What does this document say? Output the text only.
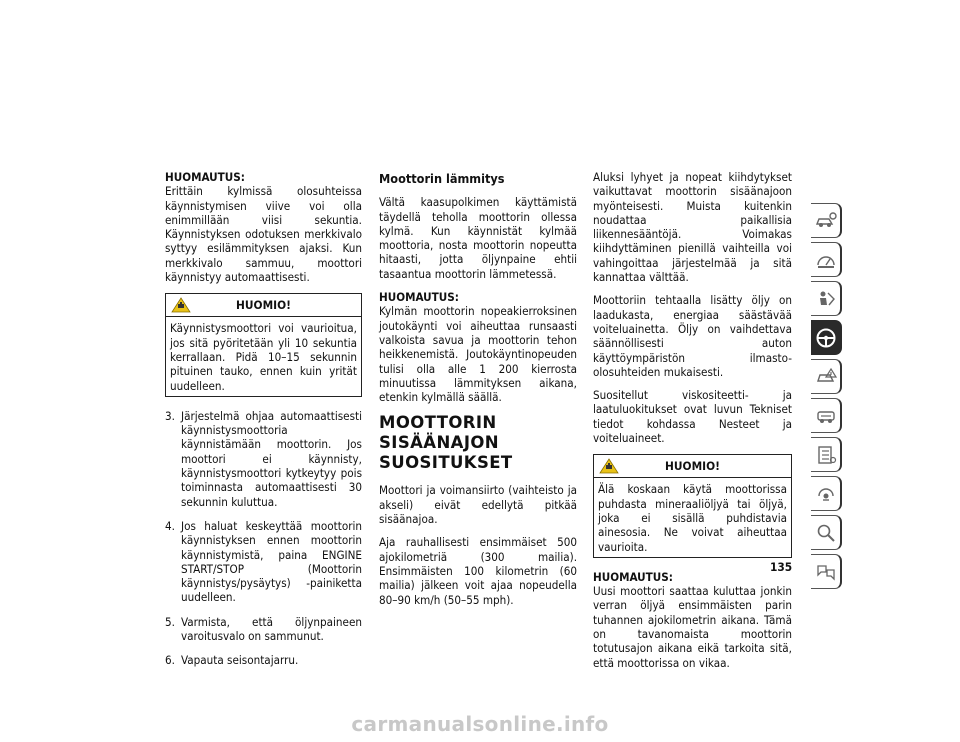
HUOMAUTUS:
Erittäin kylmissä olosuhteissa käynnistymisen viive voi olla enimmillään viisi sekuntia. Käynnistyksen odotuksen merkkivalo syttyy esilämmityksen ajaksi. Kun merkkivalo sammuu, moottori käynnistyy automaattisesti.
HUOMIO!
Käynnistysmoottori voi vaurioitua, jos sitä pyöritetään yli 10 sekuntia kerrallaan. Pidä 10–15 sekunnin pituinen tauko, ennen kuin yrität uudelleen.
3. Järjestelmä ohjaa automaattisesti käynnistysmoottoria käynnistämään moottorin. Jos moottori ei käynnisty, käynnistysmoottori kytkeytyy pois toiminnasta automaattisesti 30 sekunnin kuluttua.
4. Jos haluat keskeyttää moottorin käynnistyksen ennen moottorin käynnistymistä, paina ENGINE START/STOP (Moottorin käynnistys/pysäytys) -painiketta uudelleen.
5. Varmista, että öljynpaineen varoitusvalo on sammunut.
6. Vapauta seisontajarru.
Moottorin lämmitys

Vältä kaasupolkimen käyttämistä täydellä teholla moottorin ollessa kylmä. Kun käynnistät kylmää moottoria, nosta moottorin nopeutta hitaasti, jotta öljynpaine ehtii tasaantua moottorin lämmetessä.

HUOMAUTUS:
Kylmän moottorin nopeakierroksinen joutokäynti voi aiheuttaa runsaasti valkoista savua ja moottorin tehon heikkenemistä. Joutokäyntinopeuden tulisi olla alle 1 200 kierrosta minuutissa lämmityksen aikana, etenkin kylmällä säällä.
MOOTTORIN SISÄÄNAJON SUOSITUKSET

Moottori ja voimansiirto (vaihteisto ja akseli) eivät edellytä pitkää sisäänajoa.

Aja rauhallisesti ensimmäiset 500 ajokilometriä (300 mailia). Ensimmäisten 100 kilometrin (60 mailia) jälkeen voit ajaa nopeudella 80–90 km/h (50–55 mph).

Aluksi lyhyet ja nopeat kiihdytykset vaikuttavat moottorin sisäänajoon myönteisesti. Muista kuitenkin noudattaa paikallisia liikennesääntöjä. Voimakas kiihdyttäminen pienillä vaihteilla voi vahingoittaa järjestelmää ja sitä kannattaa välttää.

Moottoriin tehtaalla lisätty öljy on laadukasta, energiaa säästävää voiteluainetta. Öljy on vaihdettava säännöllisesti auton käyttöympäristön ilmasto-olosuhteiden mukaisesti.

Suositellut viskositeetti- ja laatuluokitukset ovat luvun Tekniset tiedot kohdassa Nesteet ja voiteluaineet.

HUOMIO!
Älä koskaan käytä moottorissa puhdasta mineraaliöljyä tai öljyä, joka ei sisällä puhdistavia ainesosia. Ne voivat aiheuttaa vaurioita.
HUOMAUTUS:
Uusi moottori saattaa kuluttaa jonkin verran öljyä ensimmäisten parin tuhannen ajokilometrin aikana. Tämä on tavanomaista moottorin totutusajon aikana eikä tarkoita sitä, että moottorissa on vikaa.
135
carmanualsonline.info
